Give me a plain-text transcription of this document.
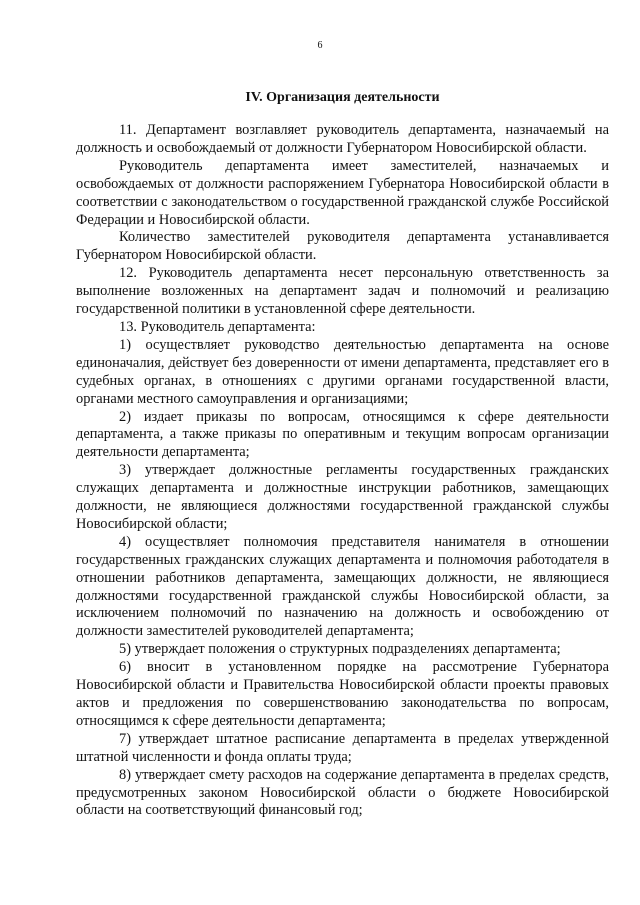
6
IV. Организация деятельности

11. Департамент возглавляет руководитель департамента, назначаемый на должность и освобождаемый от должности Губернатором Новосибирской области.

Руководитель департамента имеет заместителей, назначаемых и освобождаемых от должности распоряжением Губернатора Новосибирской области в соответствии с законодательством о государственной гражданской службе Российской Федерации и Новосибирской области.

Количество заместителей руководителя департамента устанавливается Губернатором Новосибирской области.

12. Руководитель департамента несет персональную ответственность за выполнение возложенных на департамент задач и полномочий и реализацию государственной политики в установленной сфере деятельности.

13. Руководитель департамента:

1) осуществляет руководство деятельностью департамента на основе единоначалия, действует без доверенности от имени департамента, представляет его в судебных органах, в отношениях с другими органами государственной власти, органами местного самоуправления и организациями;

2) издает приказы по вопросам, относящимся к сфере деятельности департамента, а также приказы по оперативным и текущим вопросам организации деятельности департамента;

3) утверждает должностные регламенты государственных гражданских служащих департамента и должностные инструкции работников, замещающих должности, не являющиеся должностями государственной гражданской службы Новосибирской области;

4) осуществляет полномочия представителя нанимателя в отношении государственных гражданских служащих департамента и полномочия работодателя в отношении работников департамента, замещающих должности, не являющиеся должностями государственной гражданской службы Новосибирской области, за исключением полномочий по назначению на должность и освобождению от должности заместителей руководителей департамента;

5) утверждает положения о структурных подразделениях департамента;

6) вносит в установленном порядке на рассмотрение Губернатора Новосибирской области и Правительства Новосибирской области проекты правовых актов и предложения по совершенствованию законодательства по вопросам, относящимся к сфере деятельности департамента;

7) утверждает штатное расписание департамента в пределах утвержденной штатной численности и фонда оплаты труда;

8) утверждает смету расходов на содержание департамента в пределах средств, предусмотренных законом Новосибирской области о бюджете Новосибирской области на соответствующий финансовый год;
